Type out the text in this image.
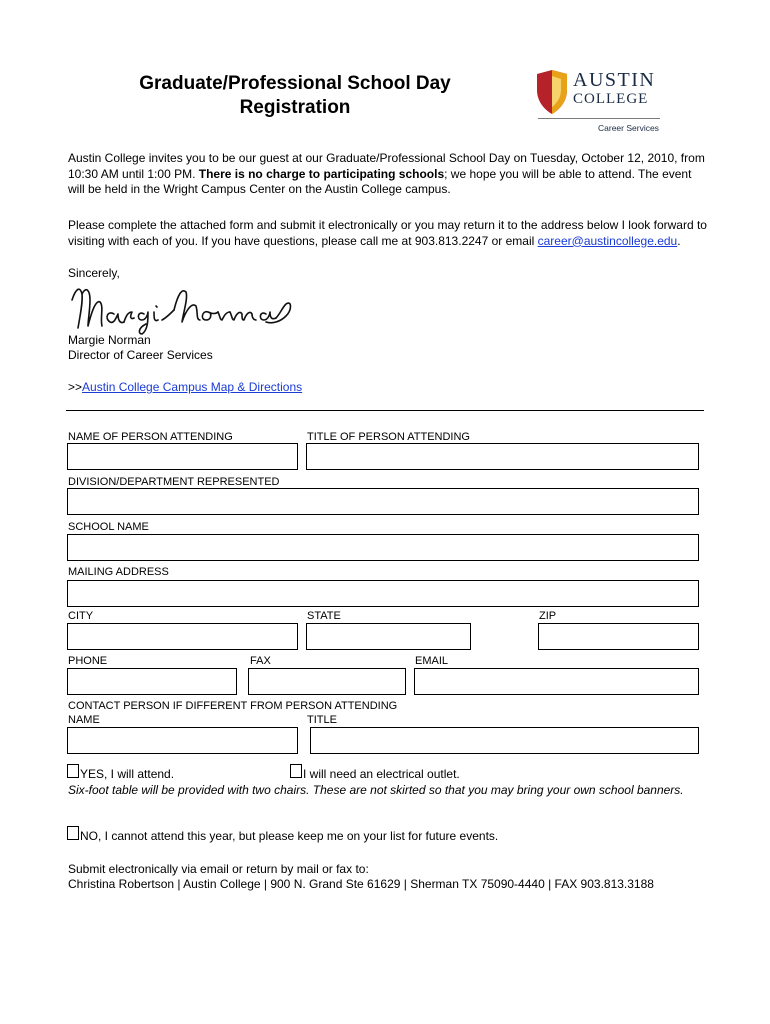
Graduate/Professional School Day
Registration
AUSTIN
COLLEGE
Career Services
Austin College invites you to be our guest at our Graduate/Professional School Day on Tuesday, October 12, 2010, from 10:30 AM until 1:00 PM. There is no charge to participating schools; we hope you will be able to attend. The event will be held in the Wright Campus Center on the Austin College campus.
Please complete the attached form and submit it electronically or you may return it to the address below I look forward to visiting with each of you. If you have questions, please call me at 903.813.2247 or email career@austincollege.edu.
Sincerely,
Margie Norman
Director of Career Services
>>Austin College Campus Map & Directions
NAME OF PERSON ATTENDING	TITLE OF PERSON ATTENDING
DIVISION/DEPARTMENT REPRESENTED
SCHOOL NAME
MAILING ADDRESS
CITY	STATE	ZIP
PHONE	FAX	EMAIL
CONTACT PERSON IF DIFFERENT FROM PERSON ATTENDING
NAME	TITLE
YES, I will attend.	I will need an electrical outlet.
Six-foot table will be provided with two chairs. These are not skirted so that you may bring your own school banners.
NO, I cannot attend this year, but please keep me on your list for future events.
Submit electronically via email or return by mail or fax to:
Christina Robertson | Austin College | 900 N. Grand Ste 61629 | Sherman TX 75090-4440 | FAX 903.813.3188
